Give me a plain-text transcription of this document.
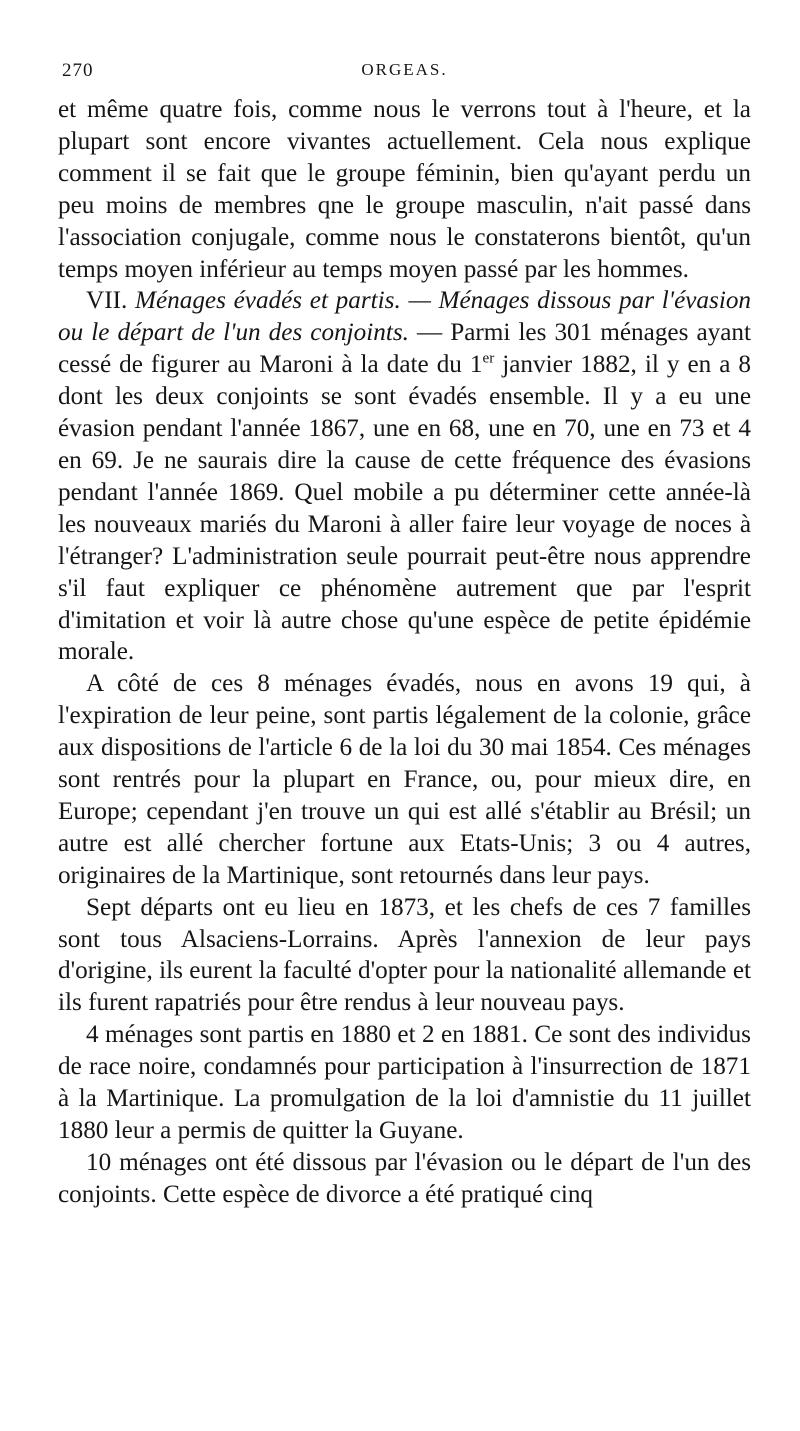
270	ORGEAS.

et même quatre fois, comme nous le verrons tout à l'heure, et la plupart sont encore vivantes actuellement. Cela nous explique comment il se fait que le groupe féminin, bien qu'ayant perdu un peu moins de membres qne le groupe masculin, n'ait passé dans l'association conjugale, comme nous le constaterons bientôt, qu'un temps moyen inférieur au temps moyen passé par les hommes.

VII. Ménages évadés et partis. — Ménages dissous par l'évasion ou le départ de l'un des conjoints. — Parmi les 301 ménages ayant cessé de figurer au Maroni à la date du 1er janvier 1882, il y en a 8 dont les deux conjoints se sont évadés ensemble. Il y a eu une évasion pendant l'année 1867, une en 68, une en 70, une en 73 et 4 en 69. Je ne saurais dire la cause de cette fréquence des évasions pendant l'année 1869. Quel mobile a pu déterminer cette année-là les nouveaux mariés du Maroni à aller faire leur voyage de noces à l'étranger? L'administration seule pourrait peut-être nous apprendre s'il faut expliquer ce phénomène autrement que par l'esprit d'imitation et voir là autre chose qu'une espèce de petite épidémie morale.

A côté de ces 8 ménages évadés, nous en avons 19 qui, à l'expiration de leur peine, sont partis légalement de la colonie, grâce aux dispositions de l'article 6 de la loi du 30 mai 1854. Ces ménages sont rentrés pour la plupart en France, ou, pour mieux dire, en Europe; cependant j'en trouve un qui est allé s'établir au Brésil; un autre est allé chercher fortune aux Etats-Unis; 3 ou 4 autres, originaires de la Martinique, sont retournés dans leur pays.

Sept départs ont eu lieu en 1873, et les chefs de ces 7 familles sont tous Alsaciens-Lorrains. Après l'annexion de leur pays d'origine, ils eurent la faculté d'opter pour la nationalité allemande et ils furent rapatriés pour être rendus à leur nouveau pays.

4 ménages sont partis en 1880 et 2 en 1881. Ce sont des individus de race noire, condamnés pour participation à l'insurrection de 1871 à la Martinique. La promulgation de la loi d'amnistie du 11 juillet 1880 leur a permis de quitter la Guyane.

10 ménages ont été dissous par l'évasion ou le départ de l'un des conjoints. Cette espèce de divorce a été pratiqué cinq
